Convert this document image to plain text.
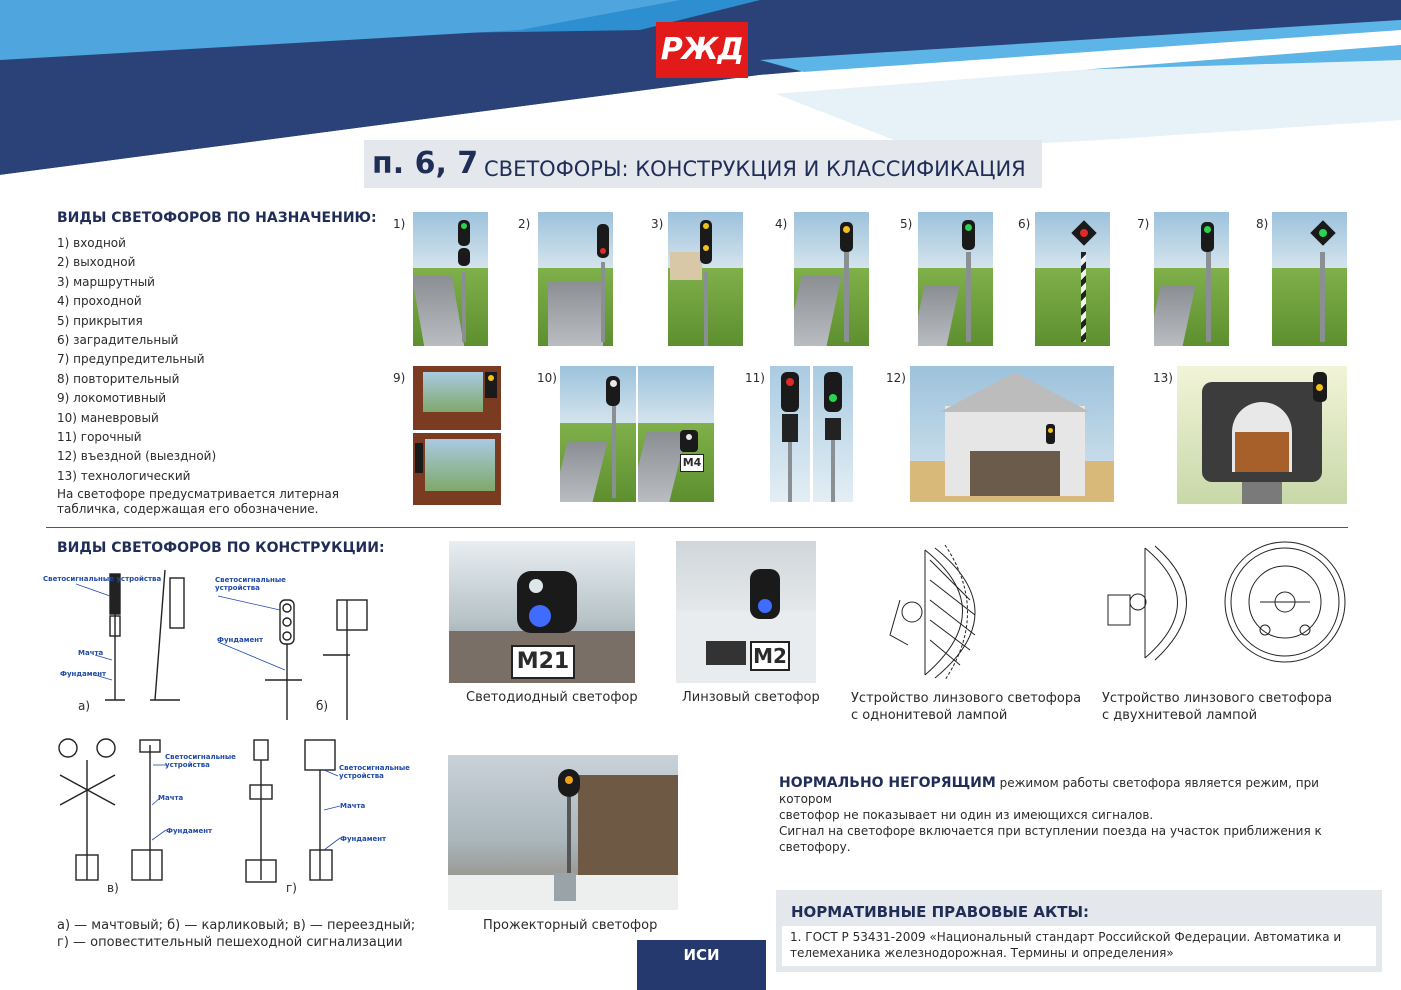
РЖД
п. 6, 7 СВЕТОФОРЫ: КОНСТРУКЦИЯ И КЛАССИФИКАЦИЯ
ВИДЫ СВЕТОФОРОВ ПО НАЗНАЧЕНИЮ:
1) входной
2) выходной
3) маршрутный
4) проходной
5) прикрытия
6) заградительный
7) предупредительный
8) повторительный
9) локомотивный
10) маневровый
11) горочный
12) въездной (выездной)
13) технологический
На светофоре предусматривается литерная табличка, содержащая его обозначение.
1)	2)	3)	4)	5)	6)	7)	8)
9)	10)
М4
11)	12)	13)
ВИДЫ СВЕТОФОРОВ ПО КОНСТРУКЦИИ:
Светосигнальные устройства
Мачта
Фундамент
Светосигнальные устройства
Фундамент
Светосигнальные устройства
Мачта
Фундамент
Светосигнальные устройства
Мачта
Фундамент
а)	б)
в)	г)
а) — мачтовый; б) — карликовый; в) — переездный;
г) — оповестительный пешеходной сигнализации
М21
Светодиодный светофор
М2
Линзовый светофор Устройство линзового светофора
с однонитевой лампой
Устройство линзового светофора
с двухнитевой лампой
Прожекторный светофор
НОРМАЛЬНО НЕГОРЯЩИМ режимом работы светофора является режим, при котором
светофор не показывает ни один из имеющихся сигналов.
Сигнал на светофоре включается при вступлении поезда на участок приближения к светофору.
НОРМАТИВНЫЕ ПРАВОВЫЕ АКТЫ:
1. ГОСТ Р 53431-2009 «Национальный стандарт Российской Федерации. Автоматика и
телемеханика железнодорожная. Термины и определения»
ИСИ
